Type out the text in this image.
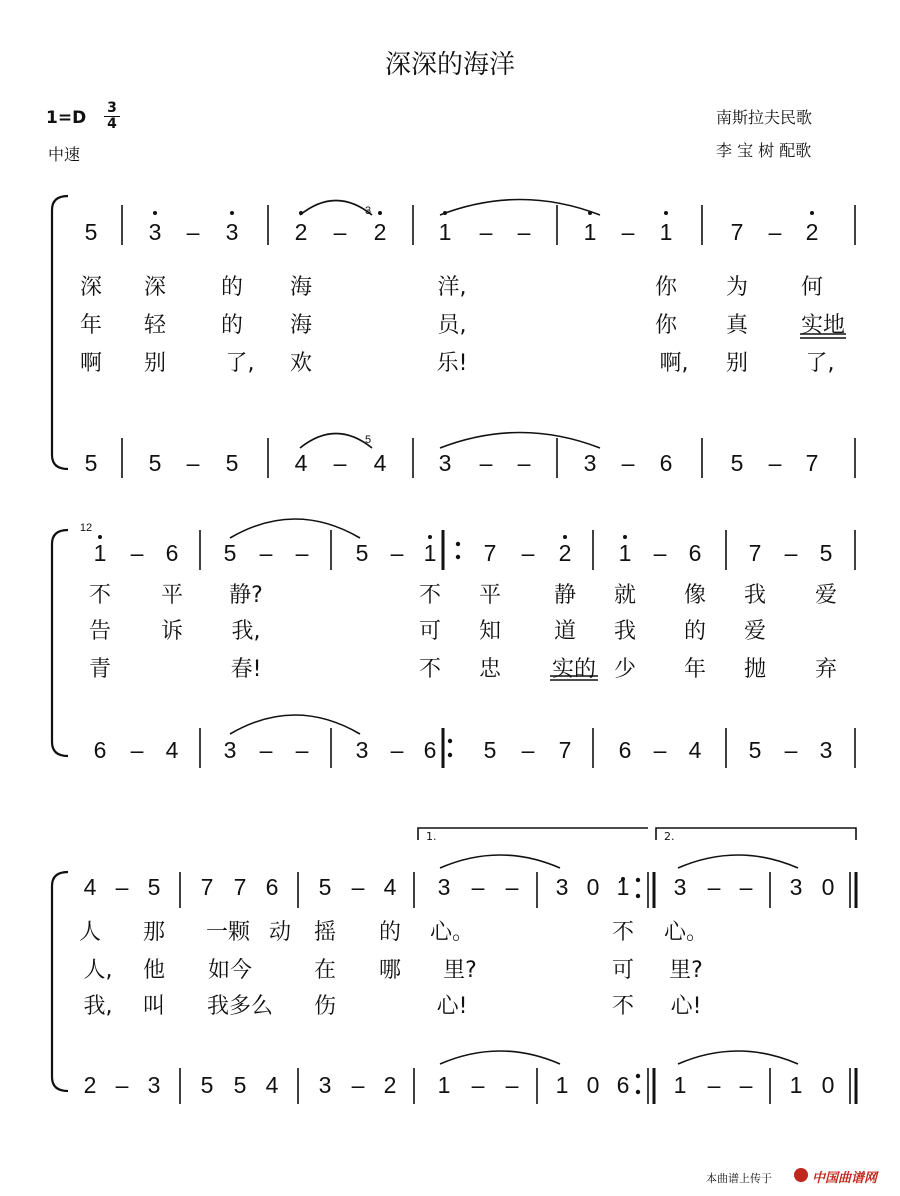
深深的海洋
$1=D \frac{3}{4}$
中速
南斯拉夫民歌
李 宝 树 配歌
1.	2.
3
5
5 3 – 3 2 – 2 1 – – 1 – 1	7 – 2
深 深 的 海	洋,	你 为 何
年 轻 的 海	员,	你 真 实地
啊 别	了, 欢	乐!	啊, 别	了,
5 5 – 5 4 – 4 3 – – 3 – 6	5 – 7
12
1 – 6 5 – – 5 – 1 7 – 2 1 – 6 7 – 5
不 平 静?	不 平 静 就 像 我 爱
告 诉 我,	可 知 道 我 的 爱
青	春!	不 忠 实的 少 年 抛 弃
6 – 4 3 – – 3 – 6 5 – 7 6 – 4 5 – 3
4 – 5 7 7 6 5 – 4 3 – – 3 0 1 3 – – 3 0
人 那 一颗 动 摇 的 心。	不 心。
人, 他 如今	在 哪 里?	可 里?
我, 叫 我多么 伤	心!	不 心!
2 – 3 5 5 4 3 – 2 1 – – 1 0 6 1 – – 1 0
本曲谱上传于	中国曲谱网
